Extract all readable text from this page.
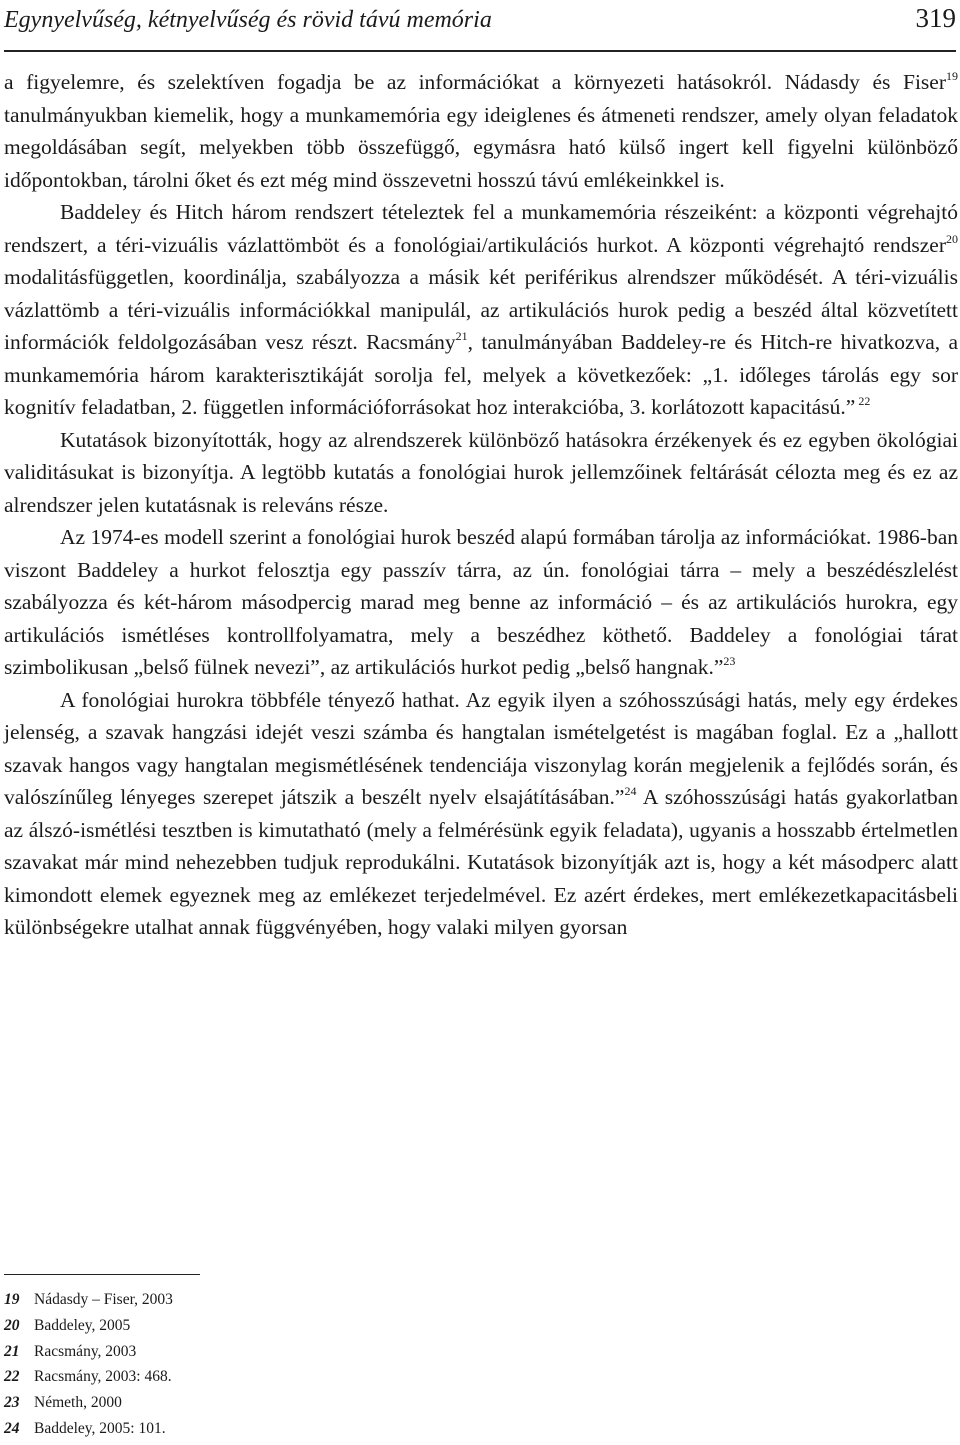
Egynyelvűség, kétnyelvűség és rövid távú memória	319

a figyelemre, és szelektíven fogadja be az információkat a környezeti hatásokról. Nádasdy és Fiser$^{19}$ tanulmányukban kiemelik, hogy a munkamemória egy ideiglenes és átmeneti rendszer, amely olyan feladatok megoldásában segít, melyekben több összefüggő, egymásra ható külső ingert kell figyelni különböző időpontokban, tárolni őket és ezt még mind összevetni hosszú távú emlékeinkkel is.

Baddeley és Hitch három rendszert tételeztek fel a munkamemória részeiként: a központi végrehajtó rendszert, a téri-vizuális vázlattömböt és a fonológiai/artikulációs hurkot. A központi végrehajtó rendszer$^{20}$ modalitásfüggetlen, koordinálja, szabályozza a másik két periférikus alrendszer működését. A téri-vizuális vázlattömb a téri-vizuális információkkal manipulál, az artikulációs hurok pedig a beszéd által közvetített információk feldolgozásában vesz részt. Racsmány$^{21}$, tanulmányában Baddeley-re és Hitch-re hivatkozva, a munkamemória három karakterisztikáját sorolja fel, melyek a következőek: „1. időleges tárolás egy sor kognitív feladatban, 2. független információforrásokat hoz interakcióba, 3. korlátozott kapacitású.” $^{22}$

Kutatások bizonyították, hogy az alrendszerek különböző hatásokra érzékenyek és ez egyben ökológiai validitásukat is bizonyítja. A legtöbb kutatás a fonológiai hurok jellemzőinek feltárását célozta meg és ez az alrendszer jelen kutatásnak is releváns része.

Az 1974-es modell szerint a fonológiai hurok beszéd alapú formában tárolja az információkat. 1986-ban viszont Baddeley a hurkot felosztja egy passzív tárra, az ún. fonológiai tárra – mely a beszédészlelést szabályozza és két-három másodpercig marad meg benne az információ – és az artikulációs hurokra, egy artikulációs ismétléses kontrollfolyamatra, mely a beszédhez köthető. Baddeley a fonológiai tárat szimbolikusan „belső fülnek nevezi”, az artikulációs hurkot pedig „belső hangnak.”$^{23}$

A fonológiai hurokra többféle tényező hathat. Az egyik ilyen a szóhosszúsági hatás, mely egy érdekes jelenség, a szavak hangzási idejét veszi számba és hangtalan ismételgetést is magában foglal. Ez a „hallott szavak hangos vagy hangtalan megismétlésének tendenciája viszonylag korán megjelenik a fejlődés során, és valószínűleg lényeges szerepet játszik a beszélt nyelv elsajátításában.”$^{24}$ A szóhosszúsági hatás gyakorlatban az álszó-ismétlési tesztben is kimutatható (mely a felmérésünk egyik feladata), ugyanis a hosszabb értelmetlen szavakat már mind nehezebben tudjuk reprodukálni. Kutatások bizonyítják azt is, hogy a két másodperc alatt kimondott elemek egyeznek meg az emlékezet terjedelmével. Ez azért érdekes, mert emlékezetkapacitásbeli különbségekre utalhat annak függvényében, hogy valaki milyen gyorsan

19 Nádasdy – Fiser, 2003
20 Baddeley, 2005
21 Racsmány, 2003
22 Racsmány, 2003: 468.
23 Németh, 2000
24 Baddeley, 2005: 101.
